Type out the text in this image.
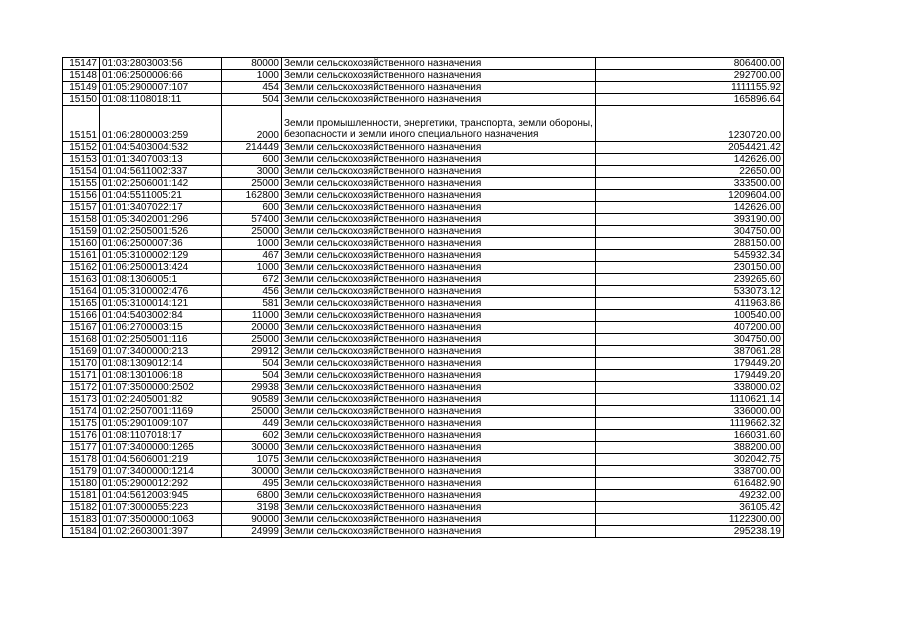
15147	01:03:2803003:56	80000	Земли сельскохозяйственного назначения	806400.00
15148	01:06:2500006:66	1000	Земли сельскохозяйственного назначения	292700.00
15149	01:05:2900007:107	454	Земли сельскохозяйственного назначения	1111155.92
15150	01:08:1108018:11	504	Земли сельскохозяйственного назначения	165896.64
15151	01:06:2800003:259	2000	Земли промышленности, энергетики, транспорта, земли обороны, безопасности и земли иного специального назначения	1230720.00
15152	01:04:5403004:532	214449	Земли сельскохозяйственного назначения	2054421.42
15153	01:01:3407003:13	600	Земли сельскохозяйственного назначения	142626.00
15154	01:04:5611002:337	3000	Земли сельскохозяйственного назначения	22650.00
15155	01:02:2506001:142	25000	Земли сельскохозяйственного назначения	333500.00
15156	01:04:5511005:21	162800	Земли сельскохозяйственного назначения	1209604.00
15157	01:01:3407022:17	600	Земли сельскохозяйственного назначения	142626.00
15158	01:05:3402001:296	57400	Земли сельскохозяйственного назначения	393190.00
15159	01:02:2505001:526	25000	Земли сельскохозяйственного назначения	304750.00
15160	01:06:2500007:36	1000	Земли сельскохозяйственного назначения	288150.00
15161	01:05:3100002:129	467	Земли сельскохозяйственного назначения	545932.34
15162	01:06:2500013:424	1000	Земли сельскохозяйственного назначения	230150.00
15163	01:08:1306005:1	672	Земли сельскохозяйственного назначения	239265.60
15164	01:05:3100002:476	456	Земли сельскохозяйственного назначения	533073.12
15165	01:05:3100014:121	581	Земли сельскохозяйственного назначения	411963.86
15166	01:04:5403002:84	11000	Земли сельскохозяйственного назначения	100540.00
15167	01:06:2700003:15	20000	Земли сельскохозяйственного назначения	407200.00
15168	01:02:2505001:116	25000	Земли сельскохозяйственного назначения	304750.00
15169	01:07:3400000:213	29912	Земли сельскохозяйственного назначения	387061.28
15170	01:08:1309012:14	504	Земли сельскохозяйственного назначения	179449.20
15171	01:08:1301006:18	504	Земли сельскохозяйственного назначения	179449.20
15172	01:07:3500000:2502	29938	Земли сельскохозяйственного назначения	338000.02
15173	01:02:2405001:82	90589	Земли сельскохозяйственного назначения	1110621.14
15174	01:02:2507001:1169	25000	Земли сельскохозяйственного назначения	336000.00
15175	01:05:2901009:107	449	Земли сельскохозяйственного назначения	1119662.32
15176	01:08:1107018:17	602	Земли сельскохозяйственного назначения	166031.60
15177	01:07:3400000:1265	30000	Земли сельскохозяйственного назначения	388200.00
15178	01:04:5606001:219	1075	Земли сельскохозяйственного назначения	302042.75
15179	01:07:3400000:1214	30000	Земли сельскохозяйственного назначения	338700.00
15180	01:05:2900012:292	495	Земли сельскохозяйственного назначения	616482.90
15181	01:04:5612003:945	6800	Земли сельскохозяйственного назначения	49232.00
15182	01:07:3000055:223	3198	Земли сельскохозяйственного назначения	36105.42
15183	01:07:3500000:1063	90000	Земли сельскохозяйственного назначения	1122300.00
15184	01:02:2603001:397	24999	Земли сельскохозяйственного назначения	295238.19
